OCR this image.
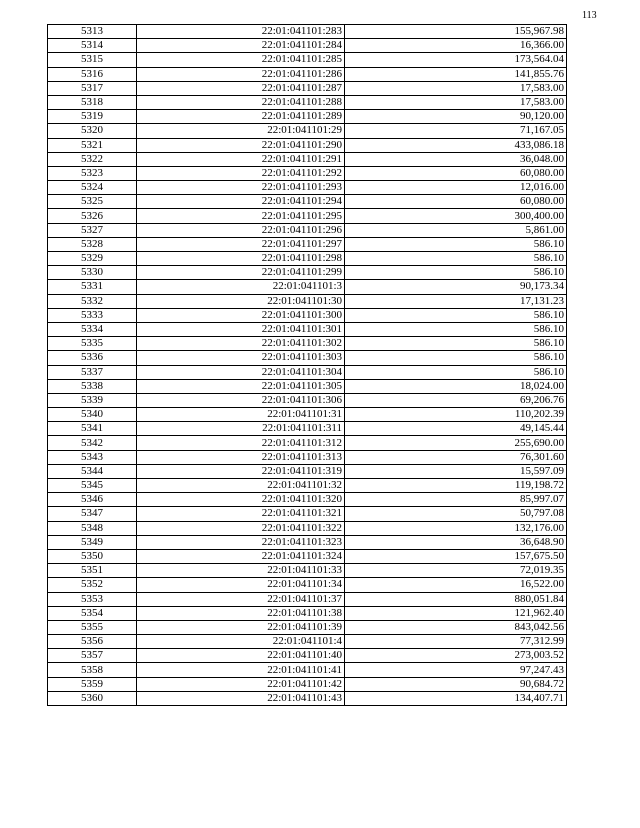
113
5313	22:01:041101:283	155,967.98
5314	22:01:041101:284	16,366.00
5315	22:01:041101:285	173,564.04
5316	22:01:041101:286	141,855.76
5317	22:01:041101:287	17,583.00
5318	22:01:041101:288	17,583.00
5319	22:01:041101:289	90,120.00
5320	22:01:041101:29	71,167.05
5321	22:01:041101:290	433,086.18
5322	22:01:041101:291	36,048.00
5323	22:01:041101:292	60,080.00
5324	22:01:041101:293	12,016.00
5325	22:01:041101:294	60,080.00
5326	22:01:041101:295	300,400.00
5327	22:01:041101:296	5,861.00
5328	22:01:041101:297	586.10
5329	22:01:041101:298	586.10
5330	22:01:041101:299	586.10
5331	22:01:041101:3	90,173.34
5332	22:01:041101:30	17,131.23
5333	22:01:041101:300	586.10
5334	22:01:041101:301	586.10
5335	22:01:041101:302	586.10
5336	22:01:041101:303	586.10
5337	22:01:041101:304	586.10
5338	22:01:041101:305	18,024.00
5339	22:01:041101:306	69,206.76
5340	22:01:041101:31	110,202.39
5341	22:01:041101:311	49,145.44
5342	22:01:041101:312	255,690.00
5343	22:01:041101:313	76,301.60
5344	22:01:041101:319	15,597.09
5345	22:01:041101:32	119,198.72
5346	22:01:041101:320	85,997.07
5347	22:01:041101:321	50,797.08
5348	22:01:041101:322	132,176.00
5349	22:01:041101:323	36,648.90
5350	22:01:041101:324	157,675.50
5351	22:01:041101:33	72,019.35
5352	22:01:041101:34	16,522.00
5353	22:01:041101:37	880,051.84
5354	22:01:041101:38	121,962.40
5355	22:01:041101:39	843,042.56
5356	22:01:041101:4	77,312.99
5357	22:01:041101:40	273,003.52
5358	22:01:041101:41	97,247.43
5359	22:01:041101:42	90,684.72
5360	22:01:041101:43	134,407.71
